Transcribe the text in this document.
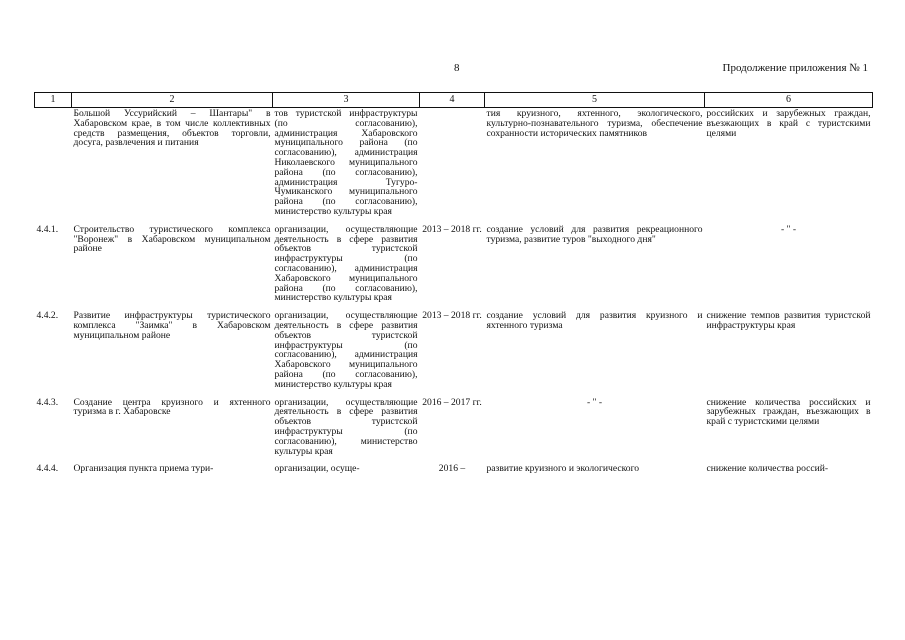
8	Продолжение приложения № 1
1	2	3	4	5	6
	Большой Уссурийский – Шантары" в Хабаровском крае, в том числе коллективных средств размещения, объектов торговли, досуга, развлечения и питания	тов туристской инфраструктуры (по согласованию), администрация Хабаровского муниципального района (по согласованию), администрация Николаевского муниципального района (по согласованию), администрация Тугуро-Чумиканского муниципального района (по согласованию), министерство культуры края		тия круизного, яхтенного, экологического, культурно-познавательного туризма, обеспечение сохранности исторических памятников	российских и зарубежных граждан, въезжающих в край с туристскими целями
4.4.1.	Строительство туристического комплекса "Воронеж" в Хабаровском муниципальном районе	организации, осуществляющие деятельность в сфере развития объектов туристской инфраструктуры (по согласованию), администрация Хабаровского муниципального района (по согласованию), министерство культуры края	2013 – 2018 гг.	создание условий для развития рекреационного туризма, развитие туров "выходного дня"	- " -
4.4.2.	Развитие инфраструктуры туристического комплекса "Заимка" в Хабаровском муниципальном районе	организации, осуществляющие деятельность в сфере развития объектов туристской инфраструктуры (по согласованию), администрация Хабаровского муниципального района (по согласованию), министерство культуры края	2013 – 2018 гг.	создание условий для развития круизного и яхтенного туризма	снижение темпов развития туристской инфраструктуры края
4.4.3.	Создание центра круизного и яхтенного туризма в г. Хабаровске	организации, осуществляющие деятельность в сфере развития объектов туристской инфраструктуры (по согласованию), министерство культуры края	2016 – 2017 гг.	- " -	снижение количества российских и зарубежных граждан, въезжающих в край с туристскими целями
4.4.4.	Организация пункта приема тури-	организации, осуще-	2016 –	развитие круизного и экологического	снижение количества россий-
